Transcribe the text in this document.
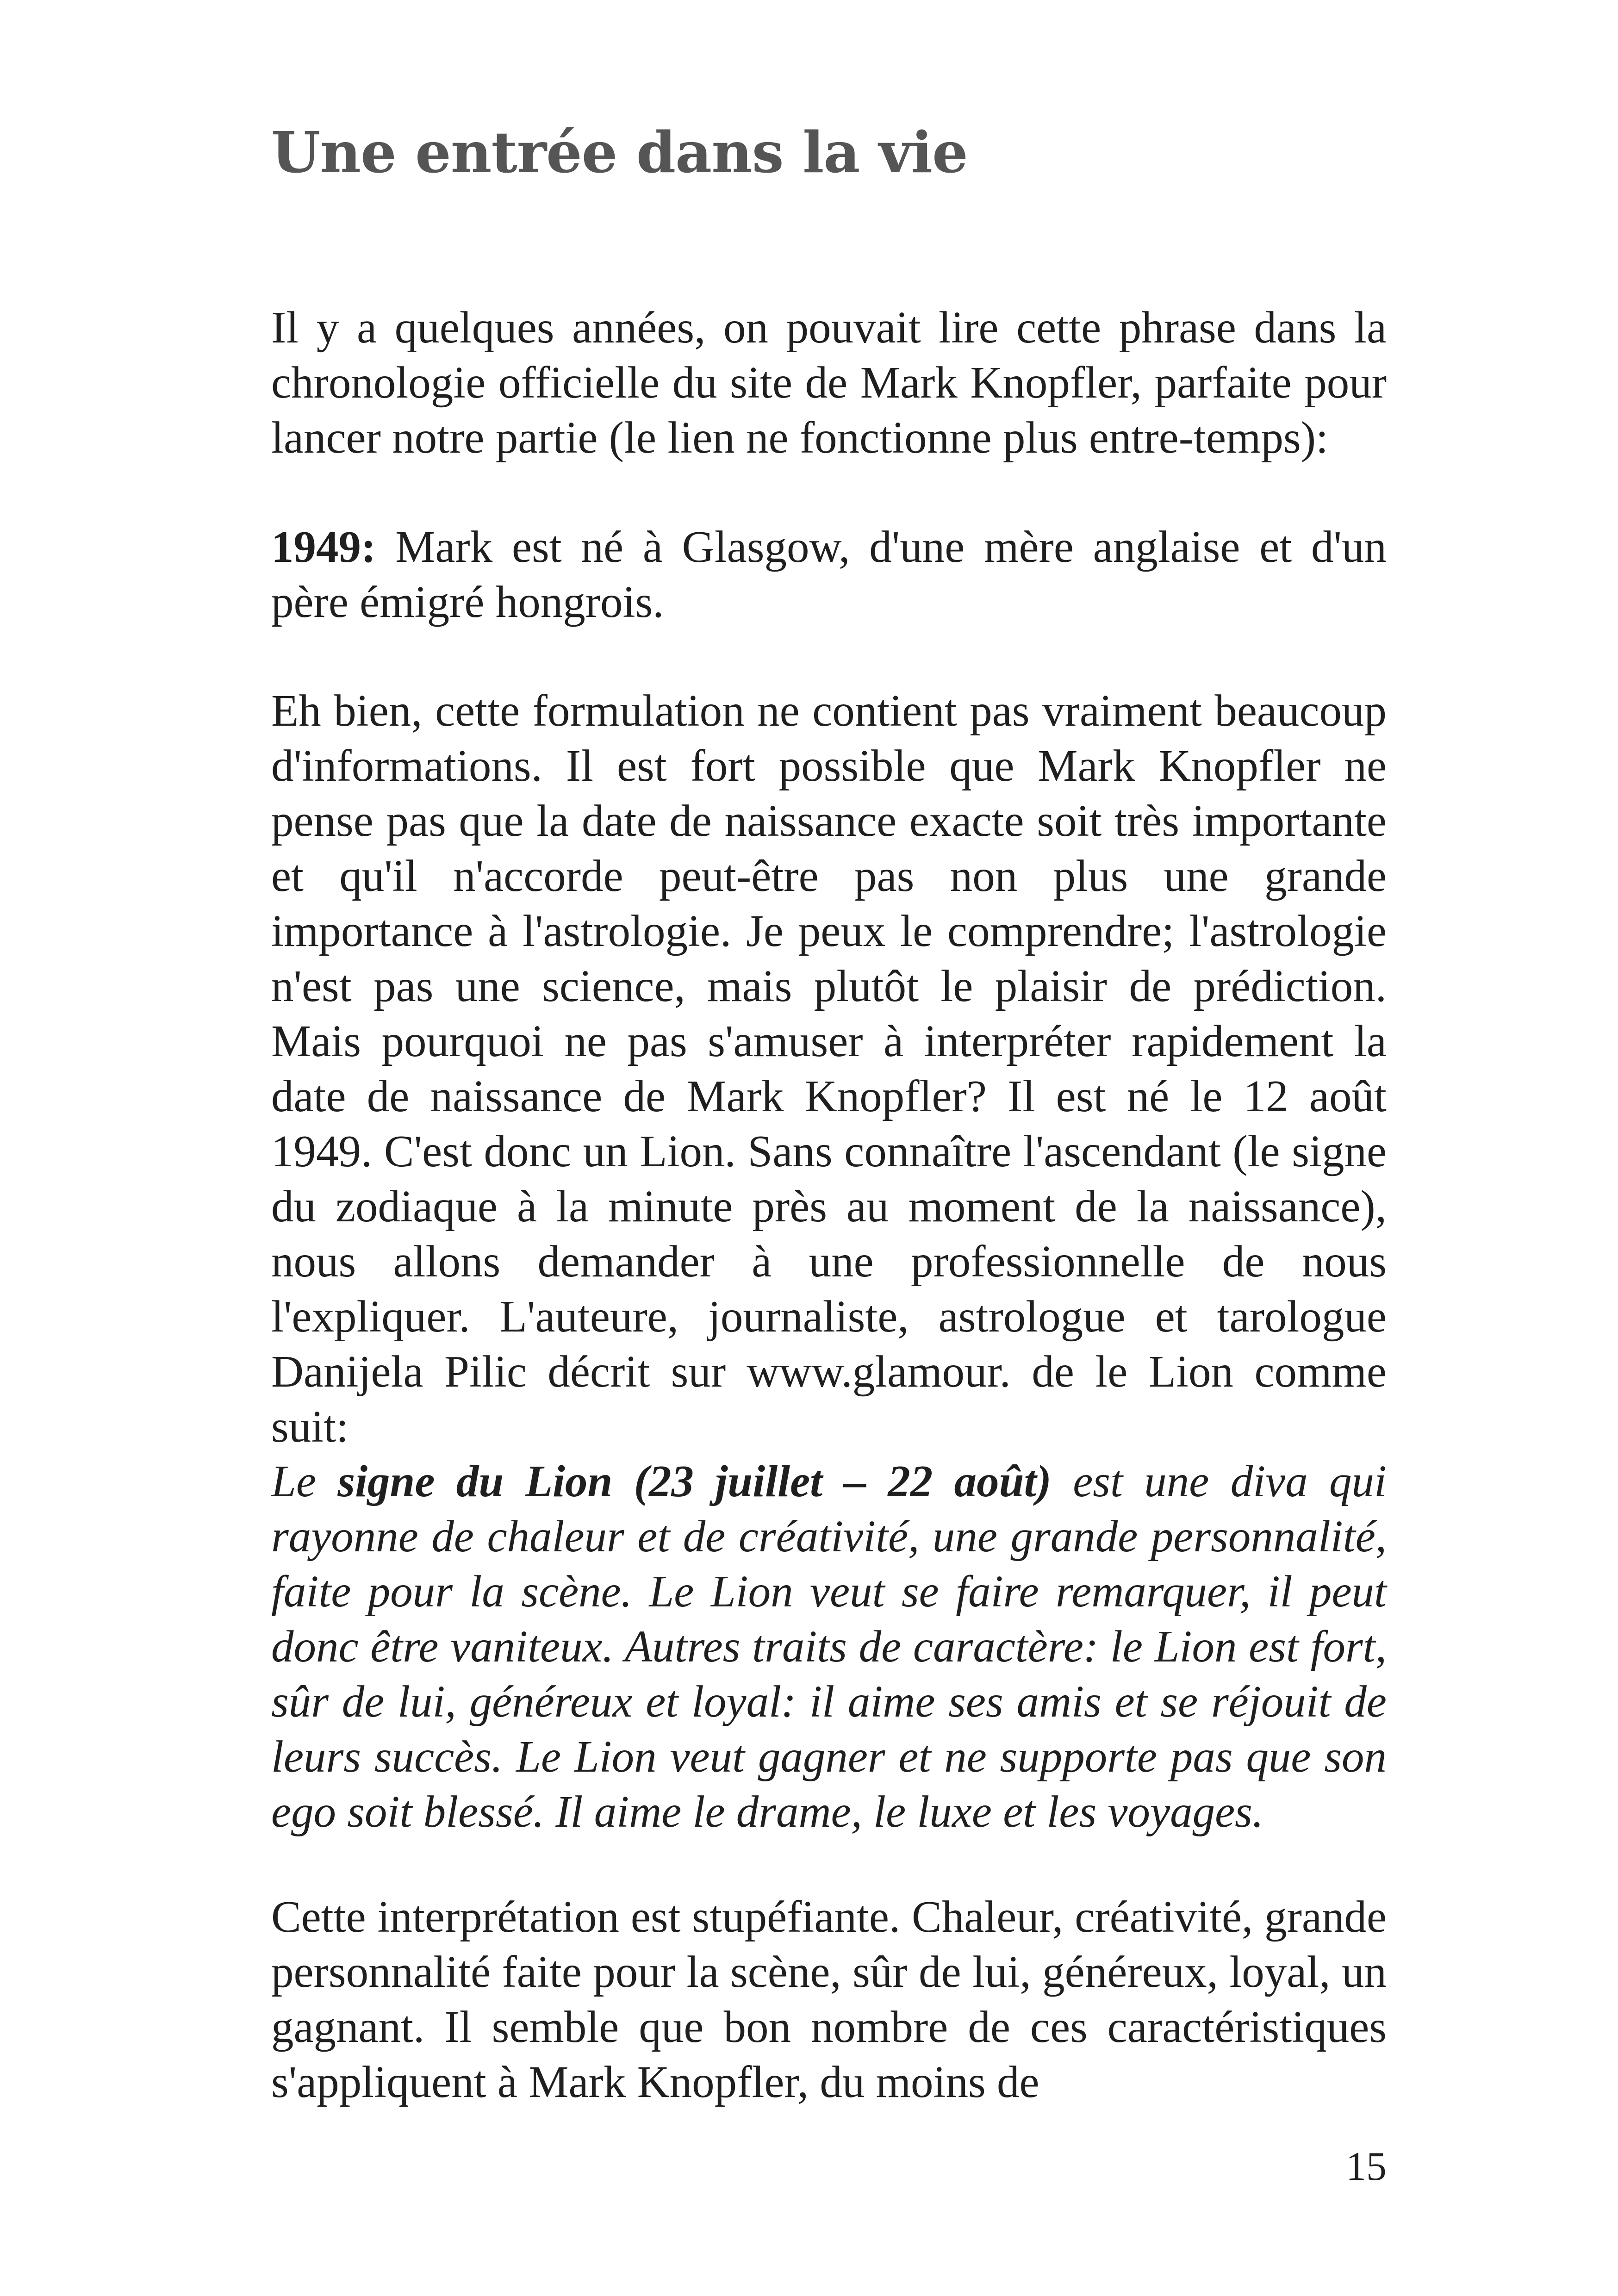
Une entrée dans la vie

Il y a quelques années, on pouvait lire cette phrase dans la chronologie officielle du site de Mark Knopfler, parfaite pour lancer notre partie (le lien ne fonctionne plus entre-temps):

1949: Mark est né à Glasgow, d'une mère anglaise et d'un père émigré hongrois.

Eh bien, cette formulation ne contient pas vraiment beaucoup d'informations. Il est fort possible que Mark Knopfler ne pense pas que la date de naissance exacte soit très importante et qu'il n'accorde peut-être pas non plus une grande importance à l'astrologie. Je peux le comprendre; l'astrologie n'est pas une science, mais plutôt le plaisir de prédiction. Mais pourquoi ne pas s'amuser à interpréter rapidement la date de naissance de Mark Knopfler? Il est né le 12 août 1949. C'est donc un Lion. Sans connaître l'ascendant (le signe du zodiaque à la minute près au moment de la naissance), nous allons demander à une professionnelle de nous l'expliquer. L'auteure, journaliste, astrologue et tarologue Danijela Pilic décrit sur www.glamour. de le Lion comme suit:

Le signe du Lion (23 juillet – 22 août) est une diva qui rayonne de chaleur et de créativité, une grande personnalité, faite pour la scène. Le Lion veut se faire remarquer, il peut donc être vaniteux. Autres traits de caractère: le Lion est fort, sûr de lui, généreux et loyal: il aime ses amis et se réjouit de leurs succès. Le Lion veut gagner et ne supporte pas que son ego soit blessé. Il aime le drame, le luxe et les voyages.

Cette interprétation est stupéfiante. Chaleur, créativité, grande personnalité faite pour la scène, sûr de lui, généreux, loyal, un gagnant. Il semble que bon nombre de ces caractéristiques s'appliquent à Mark Knopfler, du moins de

15
